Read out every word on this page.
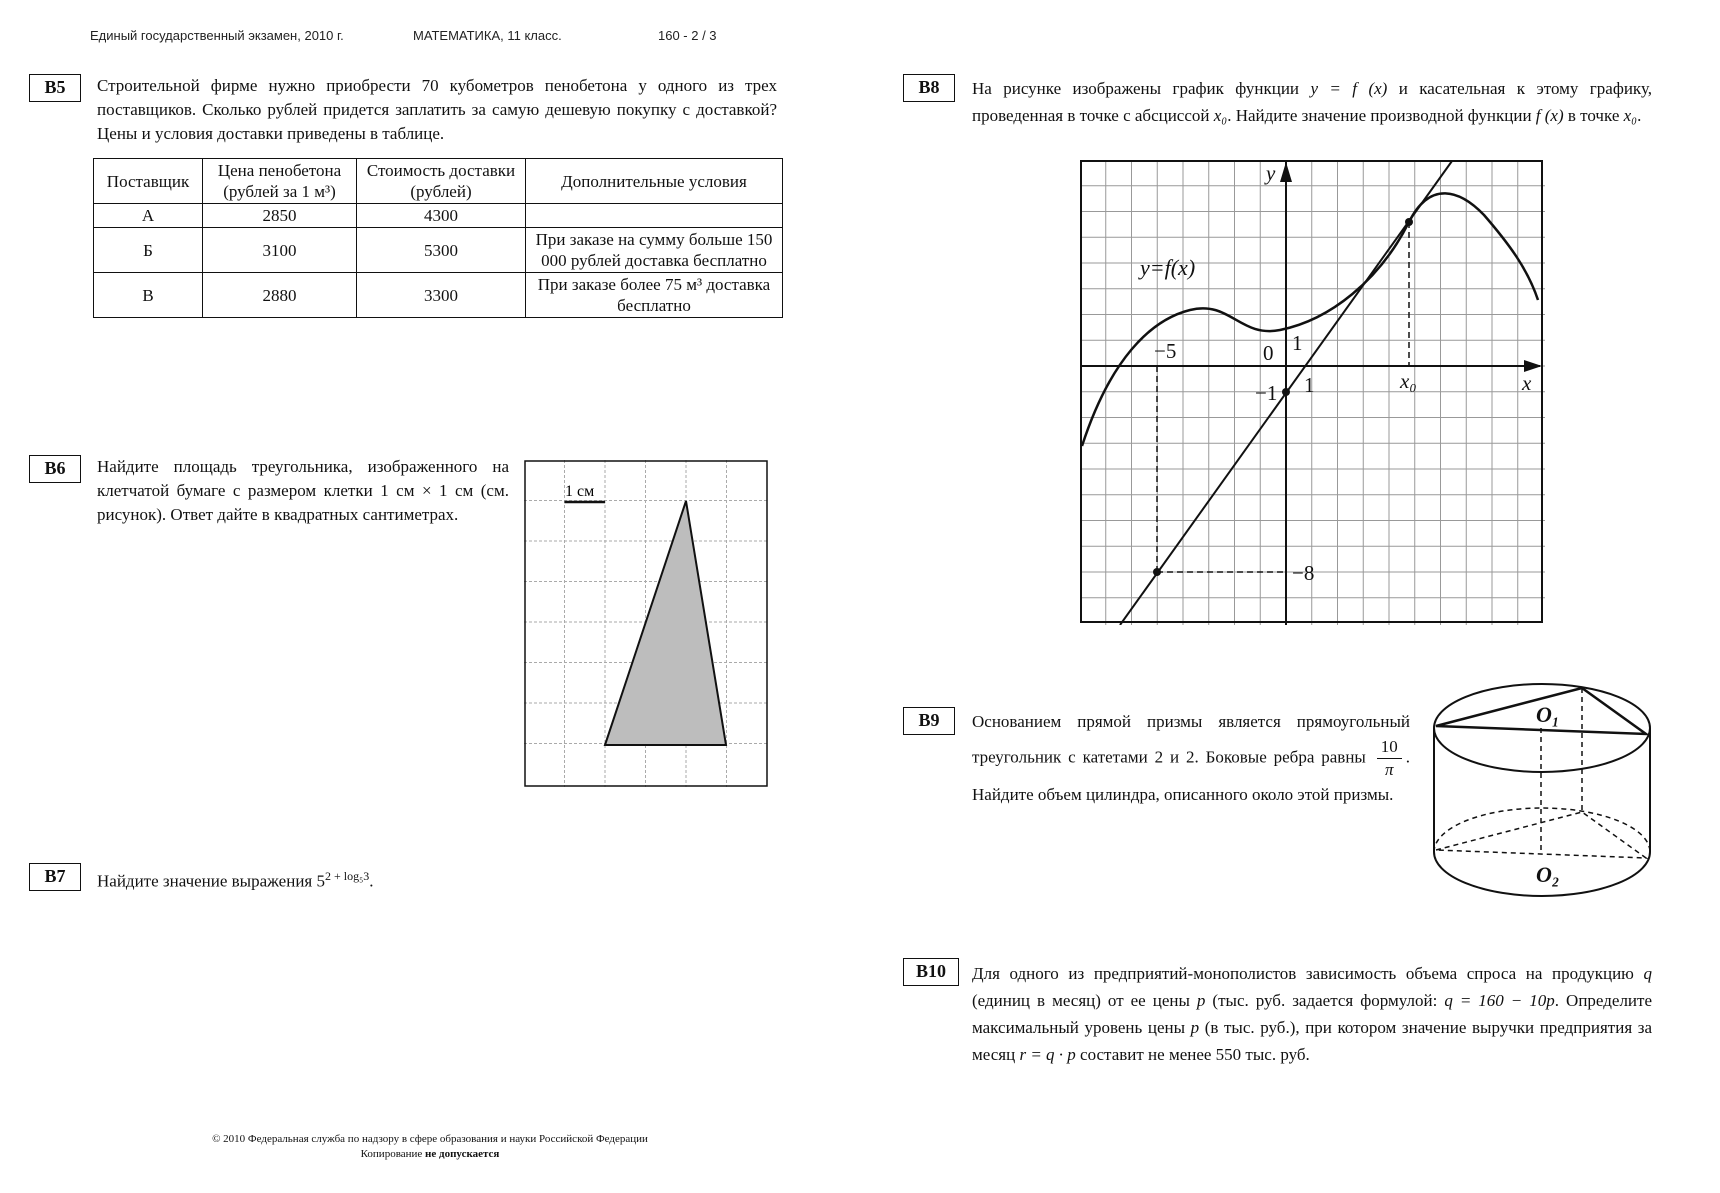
Единый государственный экзамен, 2010 г.	МАТЕМАТИКА, 11 класс.	160 - 2 / 3
B5	Строительной фирме нужно приобрести 70 кубометров пенобетона у одного из трех поставщиков. Сколько рублей придется заплатить за самую дешевую покупку с доставкой? Цены и условия доставки приведены в таблице.
Поставщик	Цена пенобетона (рублей за 1 м³)	Стоимость доставки (рублей)	Дополнительные условия
А	2850	4300	
Б	3100	5300	При заказе на сумму больше 150 000 рублей доставка бесплатно
В	2880	3300	При заказе более 75 м³ доставка бесплатно
B6	Найдите площадь треугольника, изображенного на клетчатой бумаге с размером клетки 1 см × 1 см (см. рисунок). Ответ дайте в квадратных сантиметрах.
1 см
B7	Найдите значение выражения $5^{2 + log_53}$.
B8	На рисунке изображены график функции y = f (x) и касательная к этому графику, проведенная в точке с абсциссой x₀. Найдите значение производной функции f (x) в точке x₀.
y=f(x)
y
x
0 1
1
−5
−1
−8
x₀
B9	Основанием прямой призмы является прямоугольный треугольник с катетами 2 и 2. Боковые ребра равны $\frac{10}{\pi}$ . Найдите объем цилиндра, описанного около этой призмы.
O₁
O₂
B10	Для одного из предприятий-монополистов зависимость объема спроса на продукцию q (единиц в месяц) от ее цены p (тыс. руб. задается формулой: q = 160 − 10p. Определите максимальный уровень цены p (в тыс. руб.), при котором значение выручки предприятия за месяц r = q · p составит не менее 550 тыс. руб.
© 2010 Федеральная служба по надзору в сфере образования и науки Российской Федерации
Копирование не допускается
